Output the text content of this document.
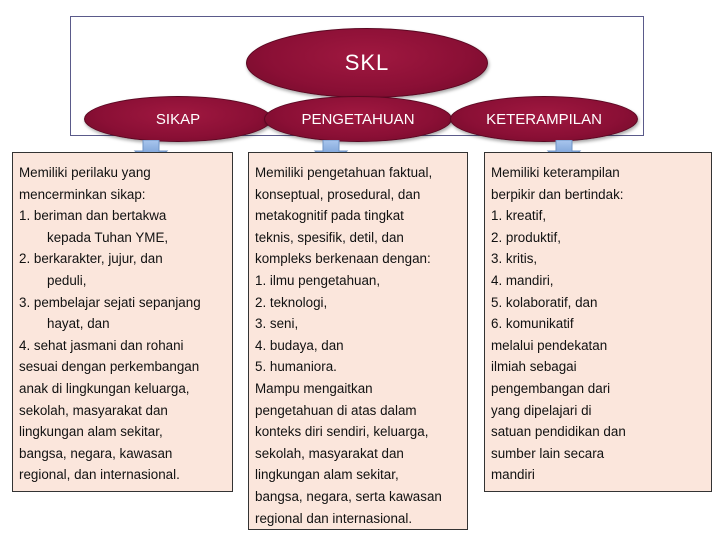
SKL
SIKAP	PENGETAHUAN	KETERAMPILAN
Memiliki perilaku yang
mencerminkan sikap:
1. beriman dan bertakwa
kepada Tuhan YME,
2. berkarakter, jujur, dan
peduli,
3. pembelajar sejati sepanjang
hayat, dan
4. sehat jasmani dan rohani
sesuai dengan perkembangan
anak di lingkungan keluarga,
sekolah, masyarakat dan
lingkungan alam sekitar,
bangsa, negara, kawasan
regional, dan internasional.
Memiliki pengetahuan faktual,
konseptual, prosedural, dan
metakognitif pada tingkat
teknis, spesifik, detil, dan
kompleks berkenaan dengan:
1. ilmu pengetahuan,
2. teknologi,
3. seni,
4. budaya, dan
5. humaniora.
Mampu mengaitkan
pengetahuan di atas dalam
konteks diri sendiri, keluarga,
sekolah, masyarakat dan
lingkungan alam sekitar,
bangsa, negara, serta kawasan
regional dan internasional.
Memiliki keterampilan
berpikir dan bertindak:
1. kreatif,
2. produktif,
3. kritis,
4. mandiri,
5. kolaboratif, dan
6. komunikatif
melalui pendekatan
ilmiah sebagai
pengembangan dari
yang dipelajari di
satuan pendidikan dan
sumber lain secara
mandiri
